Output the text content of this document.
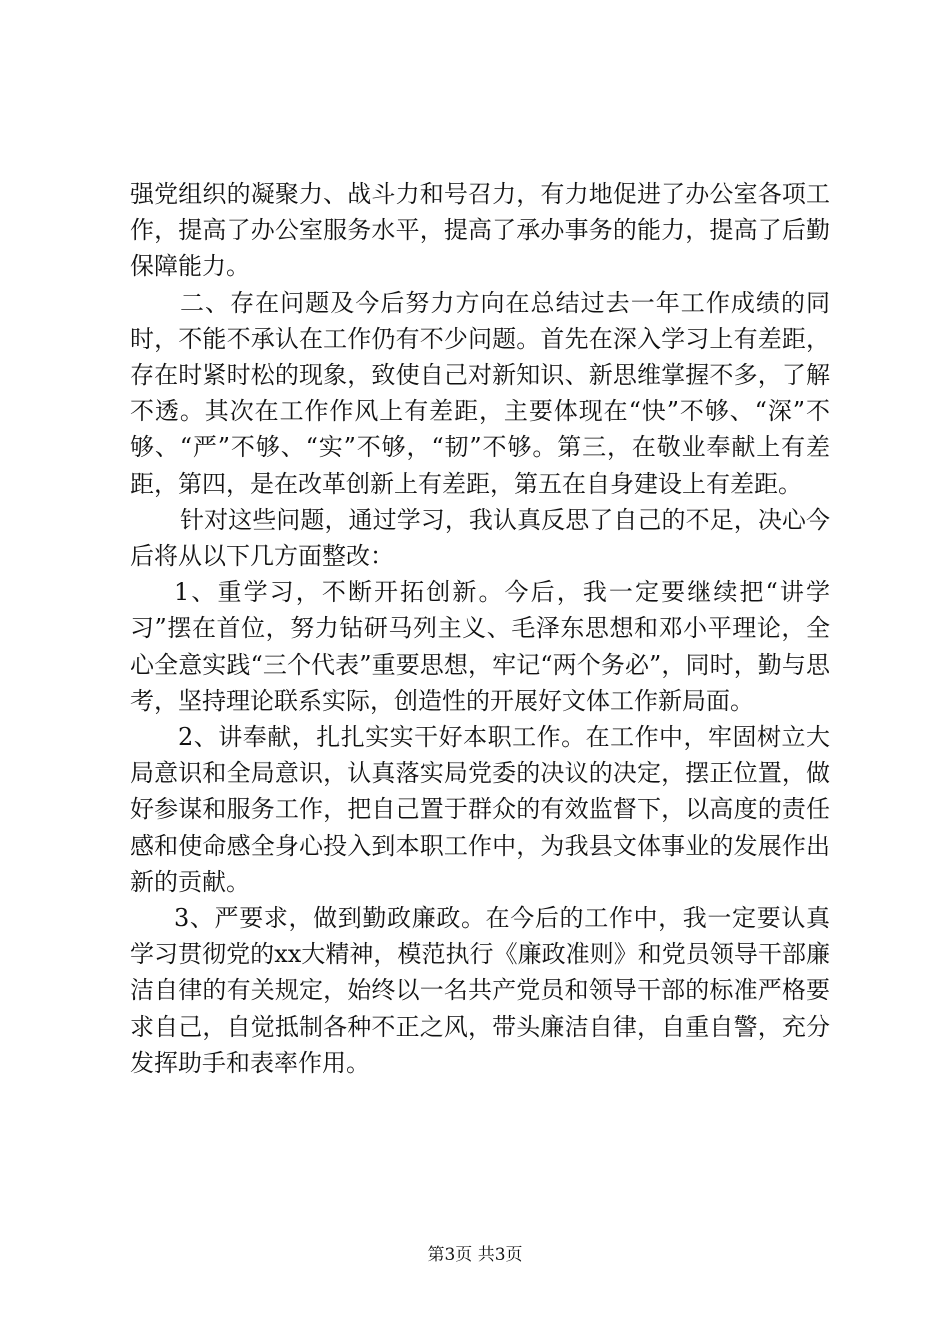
强党组织的凝聚力、战斗力和号召力，有力地促进了办公室各项工作，提高了办公室服务水平，提高了承办事务的能力，提高了后勤保障能力。

二、存在问题及今后努力方向在总结过去一年工作成绩的同时，不能不承认在工作仍有不少问题。首先在深入学习上有差距，存在时紧时松的现象，致使自己对新知识、新思维掌握不多，了解不透。其次在工作作风上有差距，主要体现在“快”不够、“深”不够、“严”不够、“实”不够，“韧”不够。第三，在敬业奉献上有差距，第四，是在改革创新上有差距，第五在自身建设上有差距。

针对这些问题，通过学习，我认真反思了自己的不足，决心今后将从以下几方面整改：

1、重学习，不断开拓创新。今后，我一定要继续把“讲学习”摆在首位，努力钻研马列主义、毛泽东思想和邓小平理论，全心全意实践“三个代表”重要思想，牢记“两个务必”，同时，勤与思考，坚持理论联系实际，创造性的开展好文体工作新局面。

2、讲奉献，扎扎实实干好本职工作。在工作中，牢固树立大局意识和全局意识，认真落实局党委的决议的决定，摆正位置，做好参谋和服务工作，把自己置于群众的有效监督下，以高度的责任感和使命感全身心投入到本职工作中，为我县文体事业的发展作出新的贡献。

3、严要求，做到勤政廉政。在今后的工作中，我一定要认真学习贯彻党的xx大精神，模范执行《廉政准则》和党员领导干部廉洁自律的有关规定，始终以一名共产党员和领导干部的标准严格要求自己，自觉抵制各种不正之风，带头廉洁自律，自重自警，充分发挥助手和表率作用。

第3页 共3页
